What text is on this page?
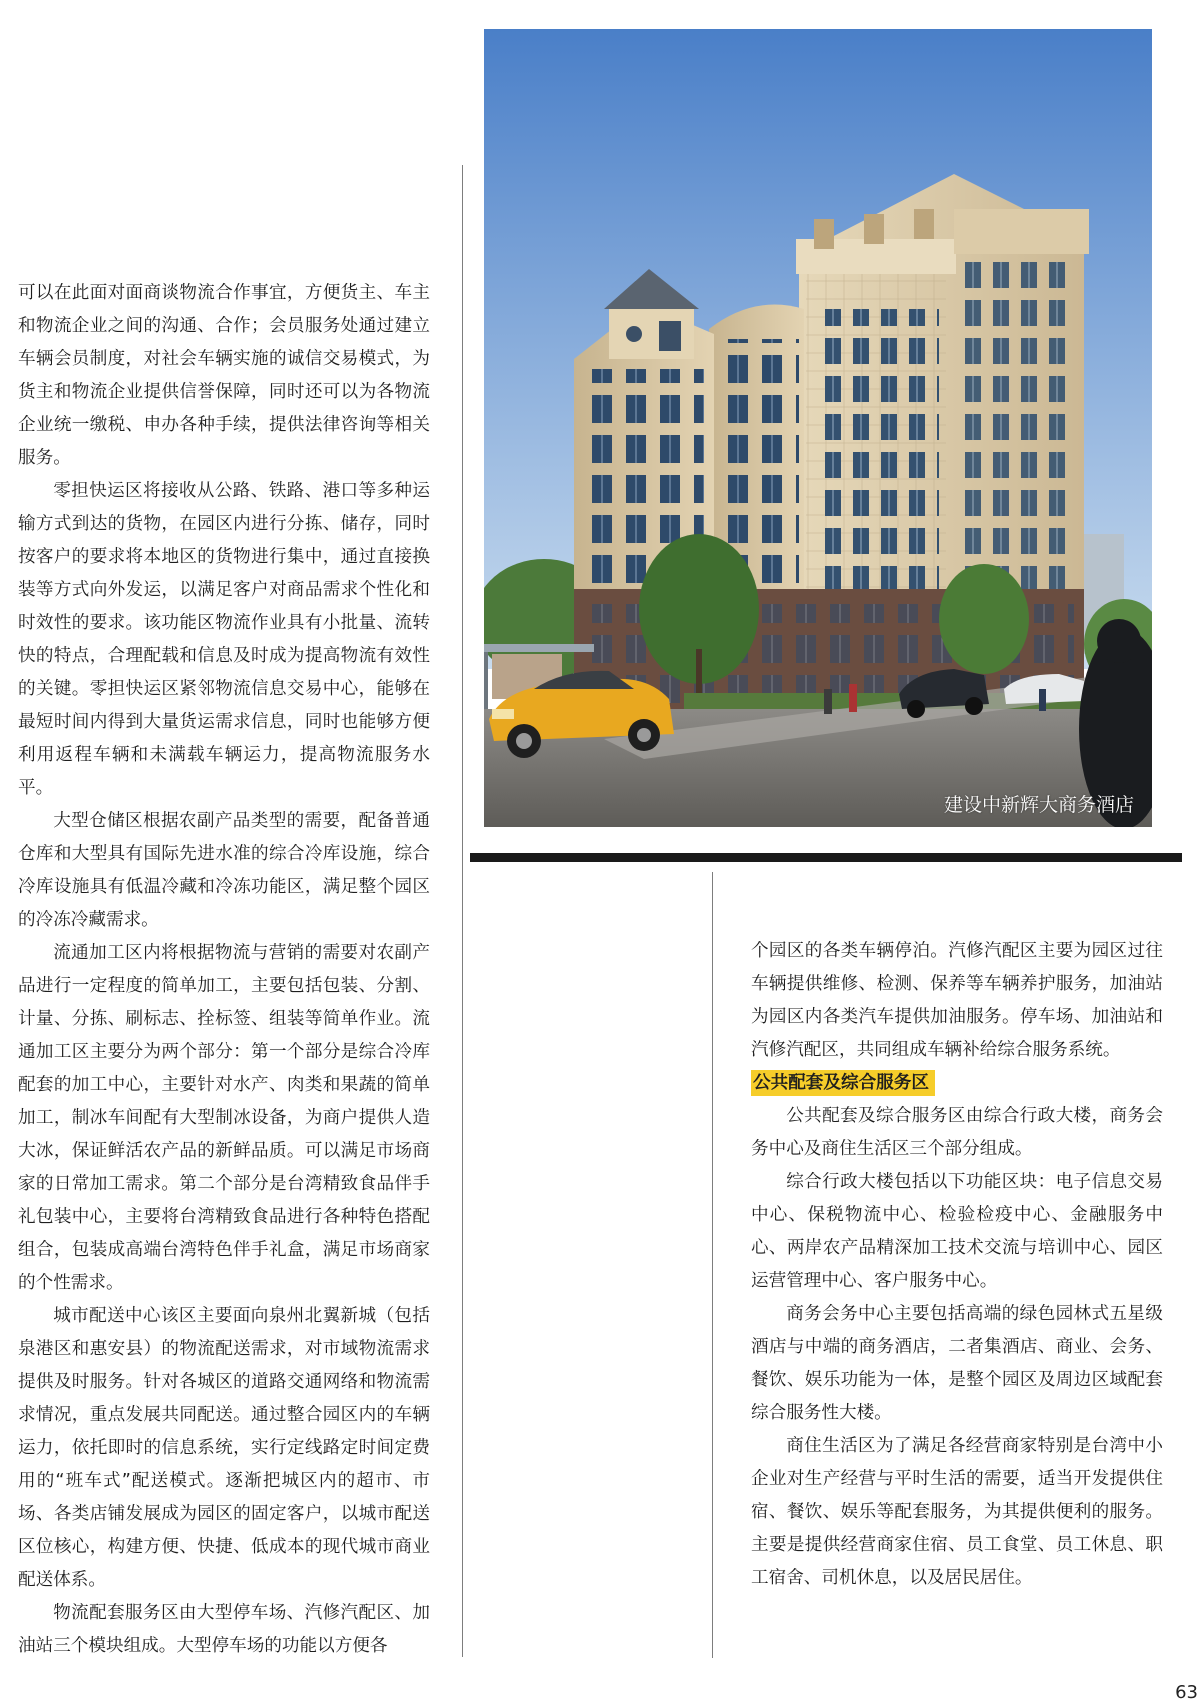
可以在此面对面商谈物流合作事宜，方便货主、车主和物流企业之间的沟通、合作；会员服务处通过建立车辆会员制度，对社会车辆实施的诚信交易模式，为货主和物流企业提供信誉保障，同时还可以为各物流企业统一缴税、申办各种手续，提供法律咨询等相关服务。

零担快运区将接收从公路、铁路、港口等多种运输方式到达的货物，在园区内进行分拣、储存，同时按客户的要求将本地区的货物进行集中，通过直接换装等方式向外发运，以满足客户对商品需求个性化和时效性的要求。该功能区物流作业具有小批量、流转快的特点，合理配载和信息及时成为提高物流有效性的关键。零担快运区紧邻物流信息交易中心，能够在最短时间内得到大量货运需求信息，同时也能够方便利用返程车辆和未满载车辆运力，提高物流服务水平。

大型仓储区根据农副产品类型的需要，配备普通仓库和大型具有国际先进水准的综合冷库设施，综合冷库设施具有低温冷藏和冷冻功能区，满足整个园区的冷冻冷藏需求。

流通加工区内将根据物流与营销的需要对农副产品进行一定程度的简单加工，主要包括包装、分割、计量、分拣、刷标志、拴标签、组装等简单作业。流通加工区主要分为两个部分：第一个部分是综合冷库配套的加工中心，主要针对水产、肉类和果蔬的简单加工，制冰车间配有大型制冰设备，为商户提供人造大冰，保证鲜活农产品的新鲜品质。可以满足市场商家的日常加工需求。第二个部分是台湾精致食品伴手礼包装中心，主要将台湾精致食品进行各种特色搭配组合，包装成高端台湾特色伴手礼盒，满足市场商家的个性需求。

城市配送中心该区主要面向泉州北翼新城（包括泉港区和惠安县）的物流配送需求，对市域物流需求提供及时服务。针对各城区的道路交通网络和物流需求情况，重点发展共同配送。通过整合园区内的车辆运力，依托即时的信息系统，实行定线路定时间定费用的“班车式”配送模式。逐渐把城区内的超市、市场、各类店铺发展成为园区的固定客户，以城市配送区位核心，构建方便、快捷、低成本的现代城市商业配送体系。

物流配套服务区由大型停车场、汽修汽配区、加油站三个模块组成。大型停车场的功能以方便各

建设中新辉大商务酒店

个园区的各类车辆停泊。汽修汽配区主要为园区过往车辆提供维修、检测、保养等车辆养护服务，加油站为园区内各类汽车提供加油服务。停车场、加油站和汽修汽配区，共同组成车辆补给综合服务系统。

公共配套及综合服务区

公共配套及综合服务区由综合行政大楼，商务会务中心及商住生活区三个部分组成。

综合行政大楼包括以下功能区块：电子信息交易中心、保税物流中心、检验检疫中心、金融服务中心、两岸农产品精深加工技术交流与培训中心、园区运营管理中心、客户服务中心。

商务会务中心主要包括高端的绿色园林式五星级酒店与中端的商务酒店，二者集酒店、商业、会务、餐饮、娱乐功能为一体，是整个园区及周边区域配套综合服务性大楼。

商住生活区为了满足各经营商家特别是台湾中小企业对生产经营与平时生活的需要，适当开发提供住宿、餐饮、娱乐等配套服务，为其提供便利的服务。主要是提供经营商家住宿、员工食堂、员工休息、职工宿舍、司机休息，以及居民居住。

63
